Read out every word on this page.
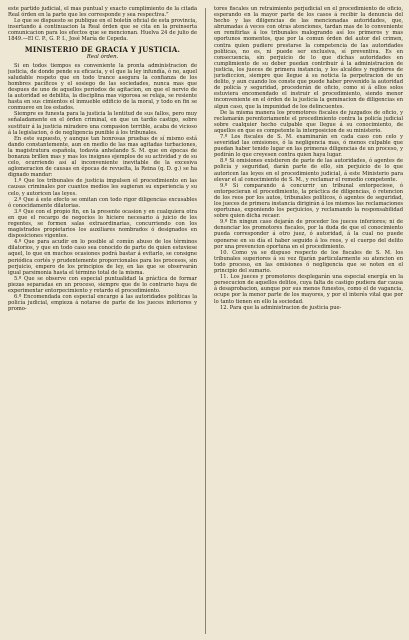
este partido judicial, el mas puntual y exacto cumplimiento de la citada Real órden en la parte que les corresponde y sea respectiva.”

Lo que se dispuesto se publique en el boletín oficial de esta provincia, insertando á continuacion la Real órden que se cita en la preinserta comunicacion para los efectos que se mencionan. Huelva 24 de julio de 1849.—El C. P., G. P. I., José María de Cepeda.

MINISTERIO DE GRACIA Y JUSTICIA.
Real órden.

Si en todos tiempos es conveniente la pronta administracion de justicia, de donde pende su eficacia, y el que la ley infundía, ó no, aquel saludable respeto que en todo trance asegura la confianza de los hombres pacíficos y el sosiego de las sociedades, nunca mas que despues de uno de aquellos períodos de agitacion, en que el nervio de la autoridad se debilita, la disciplina mas vigorosa se relaja, se resiente hasta en sus cimientos el inmueble edificio de la moral, y todo en fin se conmueve en los estados.

Siempre es funesta para la justicia la lentitud de sus fallos, pero muy señaladamente en el órden criminal, en que un tardío castigo, sobre sustituir á la justicia miradero una compasion terrible, acaba de vicioso á la legislacion, ó de negligencia punible á los tribunales.

En este supuesto, y aunque tan honrosas pruebas de sí mismo está dando constantemente, aun en medio de las mas agitadas turbaciones, la magistratura española, todavía anhelando S. M. que en épocas de bonanza brillen mas y mas los insignes ejemplos de su actividad y de su celo, ocurriendo así al inconveniente inevitable de la excesiva aglomeracion de causas en épocas de revuelta, la Reina (q. D. g.) se ha dignado mandar:

1.º Que los tribunales de justicia impulsen el procedimiento en las causas criminales por cuantos medios les sugieran su experiencia y su celo, y autoricen las leyes.

2.º Que á este efecto se omitan con todo rigor diligencias excusables ó conocidamente dilatorias.

3.º Que con el propio fin, en la presente ocasion y en cualquiera otra en que el recargo de negocios lo hiciere necesario á juicio de los regentes, se formen salas extraordinarias, concurriendo con los magistrados propietarios los auxiliares nombrados ó designados en disposiciones vigentes.

4.º Que para acudir en lo posible al común abuso de los términos dilatorios, y que en todo caso sea conocido de parte de quien estuviese aquel, lo que en muchos ocasiones podrá bastar á evitarlo, se consigne periódica cortés y prudentemente proporcionales para los procesos, sin perjuicio, empero de los principios de ley, en las que se observarán igual parsimonia hasta el término total de la misma.

5.º Que se observe con especial puntualidad la práctica de formar piezas separadas en un proceso, siempre que de lo contrario haya de experimentar entorpecimiento y retardo el procedimiento.

6.º Encomendada con especial encargo á las autoridades políticas la policía judicial, empieza á notarse de parte de los jueces inferiores y promo-

tores fiscales un retraimiento perjudicial en el procedimiento de oficio, esperando en la mayor parte de los casos á recibir la denuncia del hecho y las diligencias de las mencionadas autoridades, que, abrumadas á veces con otras atenciones, tardan mas de lo conveniente en remitirlas á los tribunales malogrando así los primeros y mas oportunos momentos, que por la comun órden del autor del crimen, contra quien pudiere prestarse la competencia de las autoridades políticas, no es, ni puede ser exclusiva, sí preventiva. Es en consecuencia, sin perjuicio de lo que dichas autoridades en cumplimiento de su deber puedan contribuir á la administracion de justicia, los jueces de primera instancia, y los alcaldes y regidores de jurisdiccion, siempre que llegue á su noticia la perpetracion de un delito, y aun cuando los conste que puede haber prevenido la autoridad de policía y seguridad, procederán de oficio, como si á ellos solos estuviera encomendado el instruir el procedimiento, siendo menor inconveniente en el órden de la justicia la geminacion de diligencias en algun caso, que la impunidad de los delincuentes.

De la misma manera los promotores fiscales de juzgados de oficio, y reclamarán perentoriamente el procedimiento contra la policía judicial sobre cualquier hecho culpable que llegue á su conocimiento, de aquellos en que es competente la interposicion de su ministerio.

7.º Los fiscales de S. M. examinarán en cada caso con celo y severidad las omisiones, ó la negligencia mas, ó menos culpable que puedan haber tenido lugar en las primeras diligencias de un proceso, y pedirán lo que creyesen contra quien haya lugar.

8.º Si omisiones existieren de parte de las autoridades, ó agentes de policía y seguridad, darán parte de ello, sin perjuicio de lo que autoricen las leyes en el procedimiento judicial, á este Ministerio para elevar el al conocimiento de S. M., y reclamar el remedio competente.

9.º Si comparando á concurrir un tribunal entorpeciese, ó entorpecieran el procedimiento, la práctica de diligencias, ó retencion de los reos por los autos, tribunales políticos, ó agentes de seguridad, los jueces de primera instancia dirigirán á los mismos las reclamaciones oportunas, exponiendo los perjuicios, y reclamando la responsabilidad sobre quien dicha recaer.

9.º En ningun caso dejarán de proceder los jueces inferiores; ni de denunciar los promotores fiscales, por la duda de que el conocimiento pueda corresponder á otro juez, ó autoridad, á la cual no puede oponerse en su día el haber seguido á los reos, y el cuerpo del delito por una prevencion oportuna en el procedimiento.

10. Como ya se dispuso respecto de los fiscales de S. M. los tribunales superiores á su vez fijarán particularmente su atencion en todo proceso, en las omisiones ó negligencia que se noten en el principio del sumario.

11. Los jueces y promotores desplegarán una especial energía en la persecucion de aquellos delitos, cuya falta de castigo pudiera dar causa á desaprobacion, aunque por sus menos funestos, como el de vagancia, ocupe por la menor parte de los mayores, y por el interés vital que por lo tanto tienen en ello la sociedad.

12. Para que la administracion de justicia pue-
